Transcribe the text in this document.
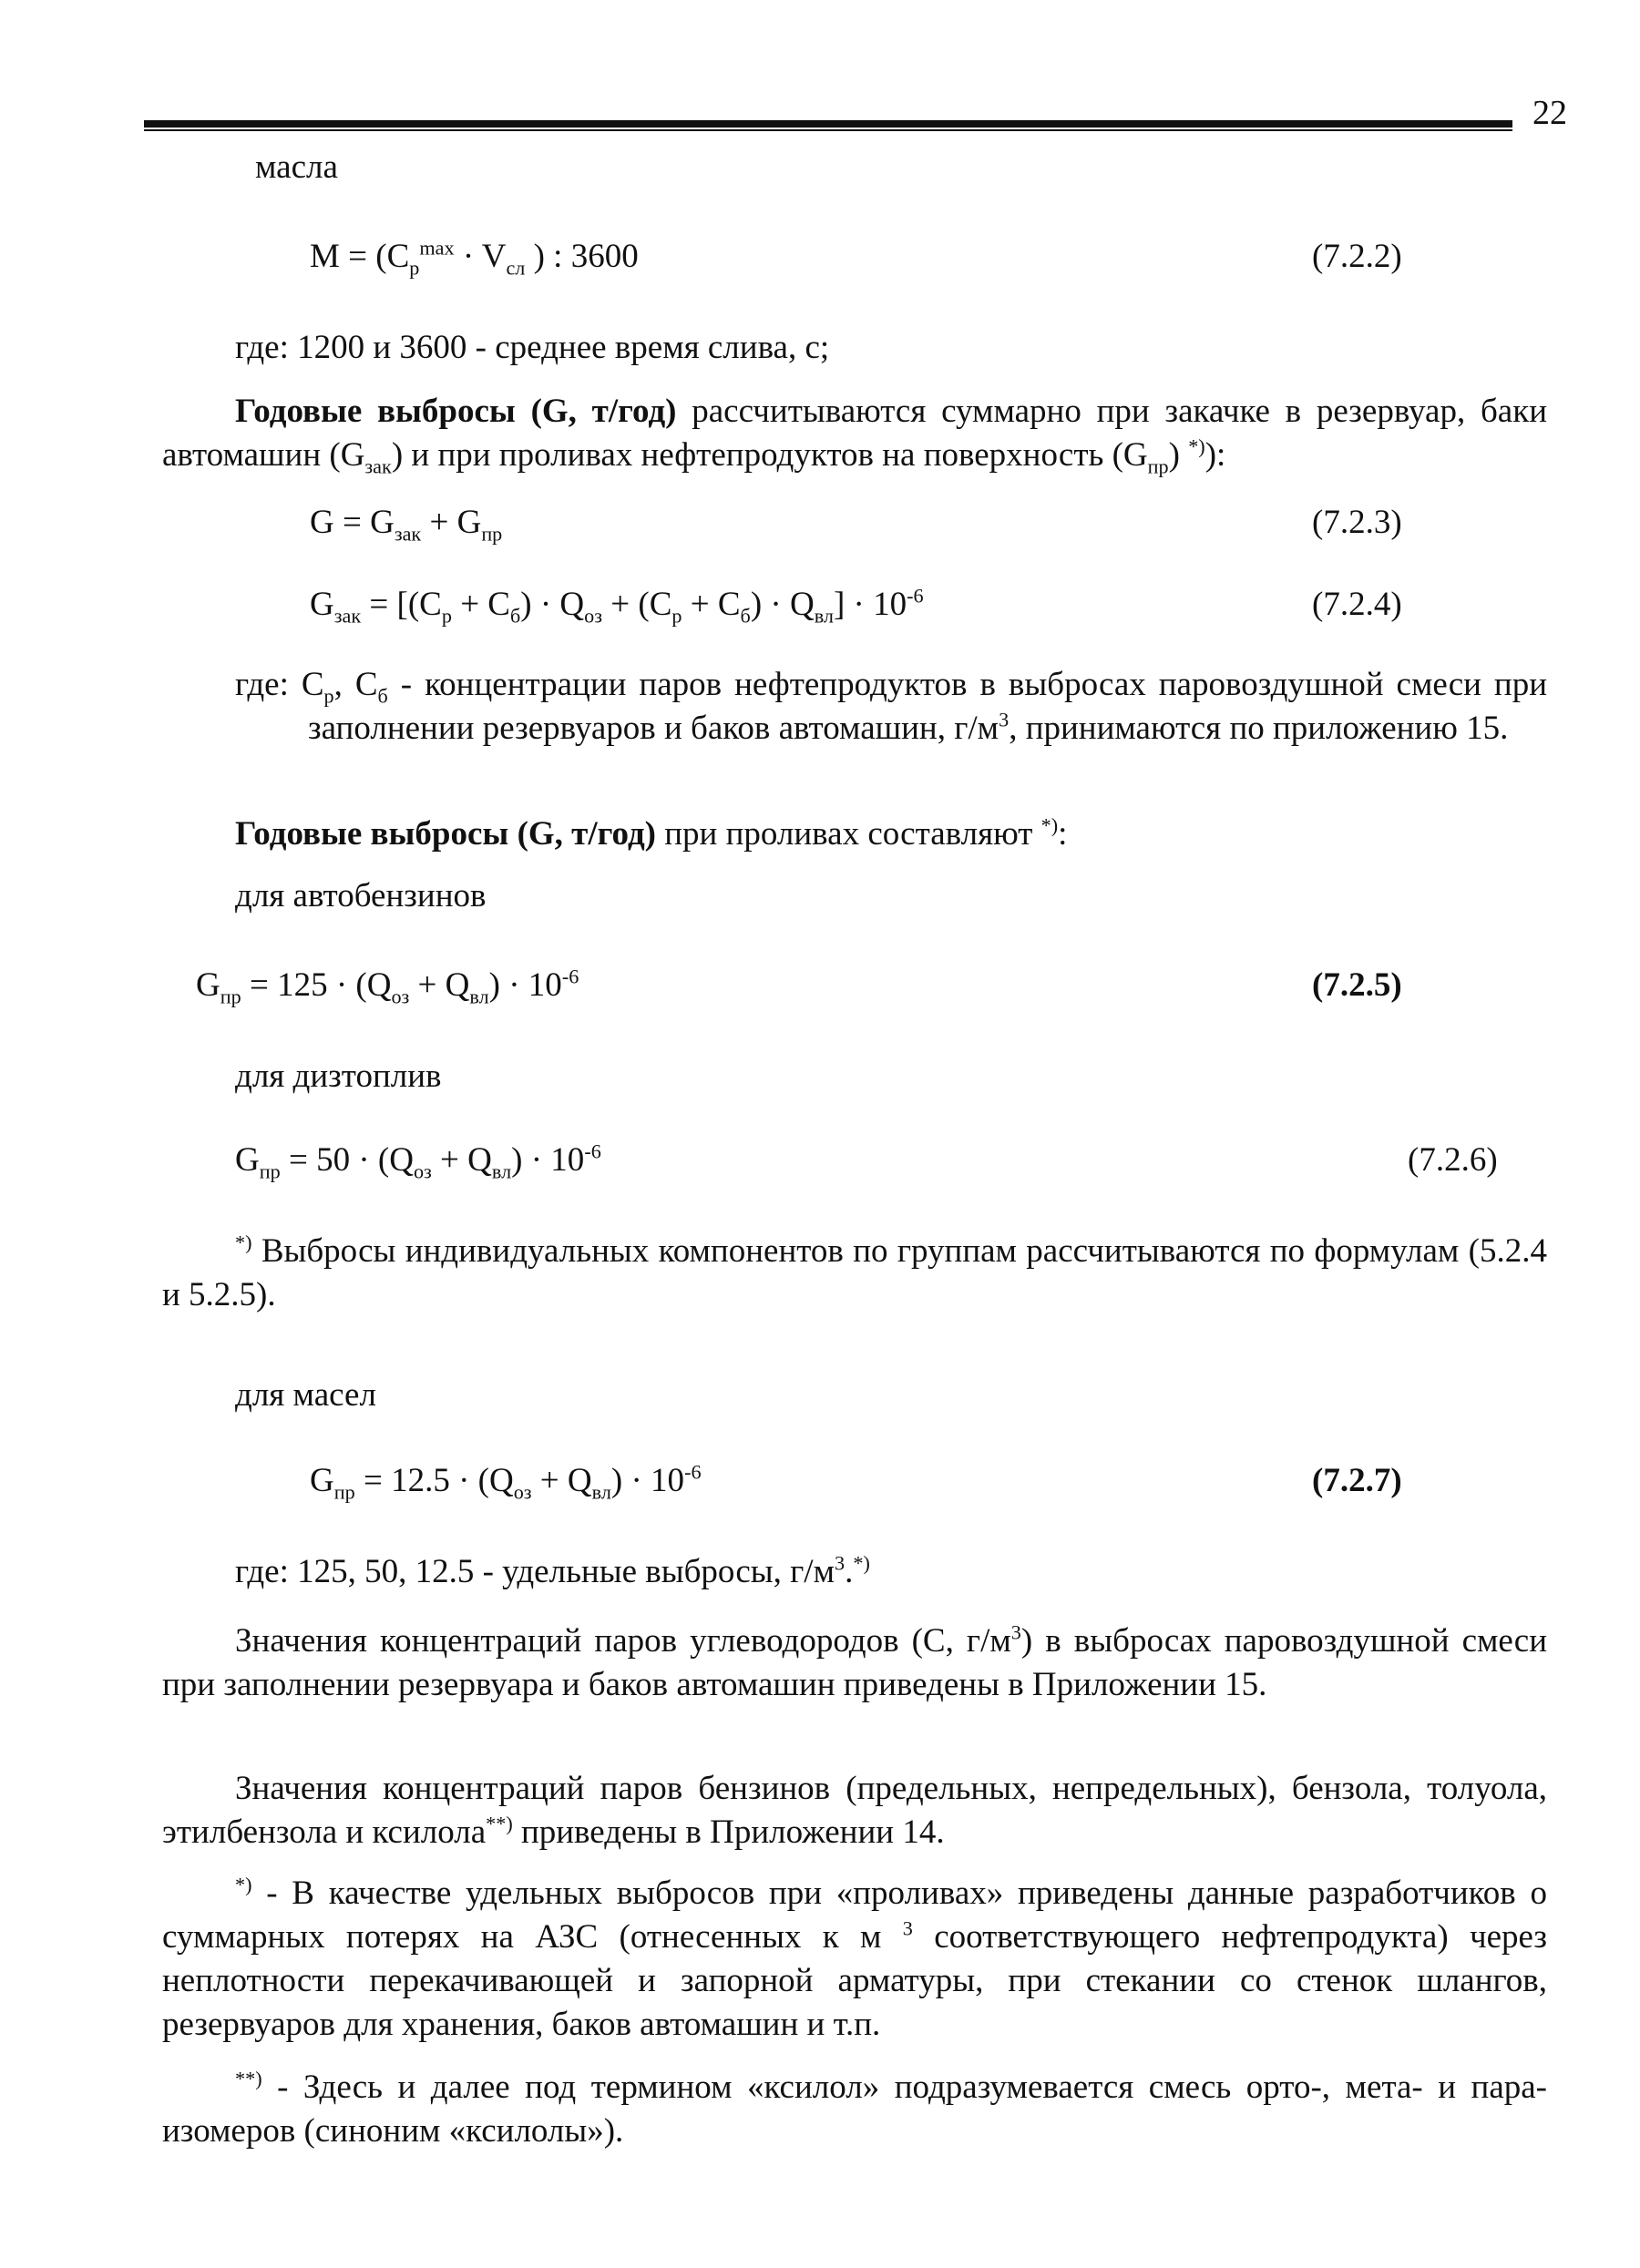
22
масла
$M = (C_p^{max} \cdot V_{сл}$ ) : 3600	(7.2.2)
где: 1200 и 3600 - среднее время слива, с;
Годовые выбросы (G, т/год) рассчитываются суммарно при закачке в резервуар, баки автомашин $(G_{зак})$ и при проливах нефтепродуктов на поверхность $(G_{пр})$ *)):
$G = G_{зак} + G_{пр}$	(7.2.3)
$G_{зак} = [(C_p + C_б) \cdot Q_{оз} + (C_p + C_б) \cdot Q_{вл}] \cdot 10^{-6}$	(7.2.4)
где: $С_р$, $С_б$ - концентрации паров нефтепродуктов в выбросах паровоздушной смеси при заполнении резервуаров и баков автомашин, $г/м^3$, принимаются по приложению 15.
Годовые выбросы (G, т/год) при проливах составляют *):
для автобензинов
$G_{пр} = 125 \cdot (Q_{оз} + Q_{вл}) \cdot 10^{-6}$	(7.2.5)
для дизтоплив
$G_{пр} = 50 \cdot (Q_{оз} + Q_{вл}) \cdot 10^{-6}$	(7.2.6)
*) Выбросы индивидуальных компонентов по группам рассчитываются по формулам (5.2.4 и 5.2.5).
для масел
$G_{пр} = 12.5 \cdot (Q_{оз} + Q_{вл}) \cdot 10^{-6}$	(7.2.7)
где: 125, 50, 12.5 - удельные выбросы, $г/м^3.^{*)}$
Значения концентраций паров углеводородов (С, $г/м^3$) в выбросах паровоздушной смеси при заполнении резервуара и баков автомашин приведены в Приложении 15.
Значения концентраций паров бензинов (предельных, непредельных), бензола, толуола, этилбензола и ксилола**) приведены в Приложении 14.
*) - В качестве удельных выбросов при «проливах» приведены данные разработчиков о суммарных потерях на АЗС (отнесенных к м $^3$ соответствующего нефтепродукта) через неплотности перекачивающей и запорной арматуры, при стекании со стенок шлангов, резервуаров для хранения, баков автомашин и т.п.
**) - Здесь и далее под термином «ксилол» подразумевается смесь орто-, мета- и пара-изомеров (синоним «ксилолы»).
